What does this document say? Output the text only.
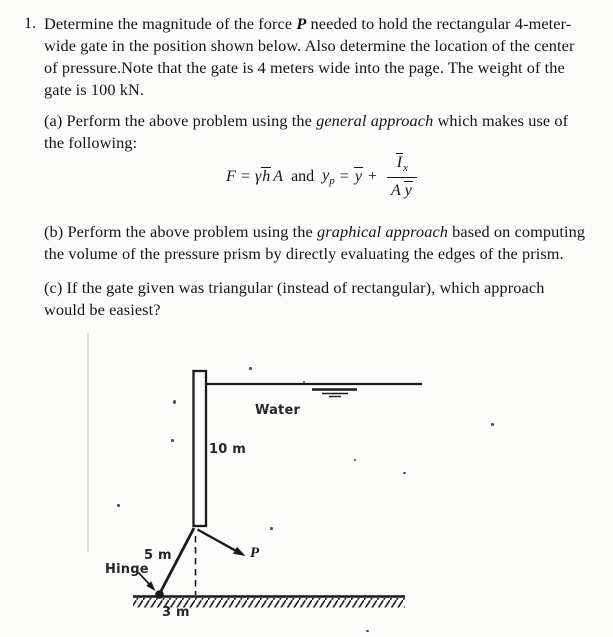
1. Determine the magnitude of the force P needed to hold the rectangular 4-meter-
wide gate in the position shown below. Also determine the location of the center
of pressure.Note that the gate is 4 meters wide into the page. The weight of the
gate is 100 kN.
(a) Perform the above problem using the general approach which makes use of
the following:
F = γ h A and $y_p = y + \frac{I_x}{\text{A y}}$
(b) Perform the above problem using the graphical approach based on computing
the volume of the pressure prism by directly evaluating the edges of the prism.
(c) If the gate given was triangular (instead of rectangular), which approach
would be easiest?
Water
10 m
5 m
Hinge
3 m
P
